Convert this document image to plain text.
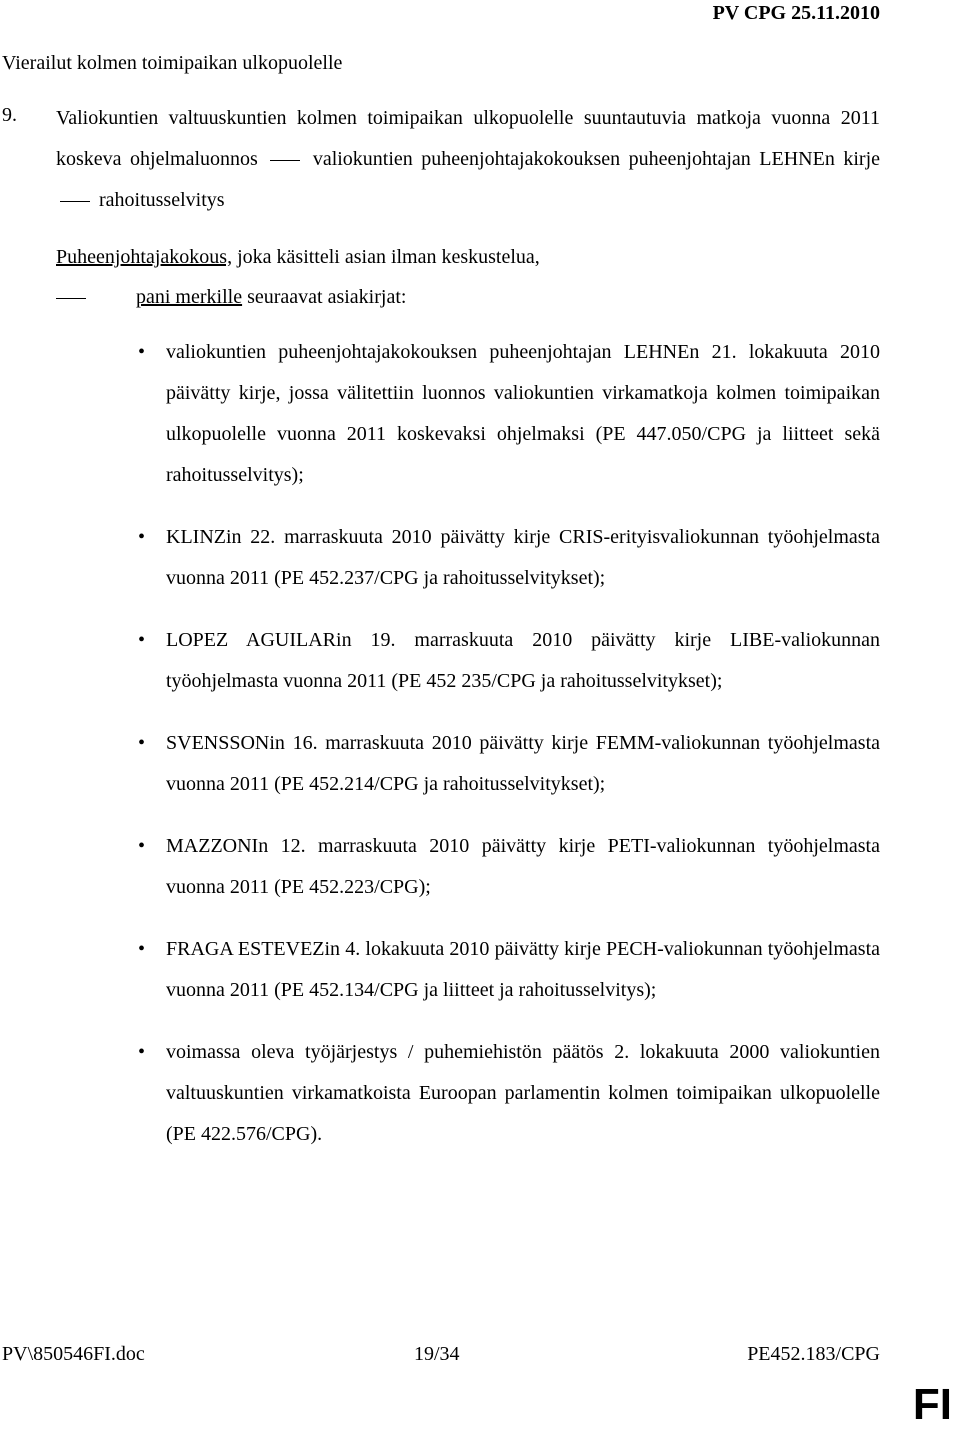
PV CPG 25.11.2010
Vierailut kolmen toimipaikan ulkopuolelle
9. Valiokuntien valtuuskuntien kolmen toimipaikan ulkopuolelle suuntautuvia matkoja vuonna 2011 koskeva ohjelmaluonnos	valiokuntien puheenjohtajakokouksen puheenjohtajan LEHNEn kirje  rahoitusselvitys

Puheenjohtajakokous, joka käsitteli asian ilman keskustelua,
pani merkille seuraavat asiakirjat:
• valiokuntien puheenjohtajakokouksen puheenjohtajan LEHNEn 21. lokakuuta 2010 päivätty kirje, jossa välitettiin luonnos valiokuntien virkamatkoja kolmen toimipaikan ulkopuolelle vuonna 2011 koskevaksi ohjelmaksi (PE 447.050/CPG ja liitteet sekä rahoitusselvitys);
• KLINZin 22. marraskuuta 2010 päivätty kirje CRIS-erityisvaliokunnan työohjelmasta vuonna 2011 (PE 452.237/CPG ja rahoitusselvitykset);
• LOPEZ AGUILARin 19. marraskuuta 2010 päivätty kirje LIBE-valiokunnan työohjelmasta vuonna 2011 (PE 452 235/CPG ja rahoitusselvitykset);
• SVENSSONin 16. marraskuuta 2010 päivätty kirje FEMM-valiokunnan työohjelmasta vuonna 2011 (PE 452.214/CPG ja rahoitusselvitykset);
• MAZZONIn 12. marraskuuta 2010 päivätty kirje PETI-valiokunnan työohjelmasta vuonna 2011 (PE 452.223/CPG);
• FRAGA ESTEVEZin 4. lokakuuta 2010 päivätty kirje PECH-valiokunnan työohjelmasta vuonna 2011 (PE 452.134/CPG ja liitteet ja rahoitusselvitys);
• voimassa oleva työjärjestys / puhemiehistön päätös 2. lokakuuta 2000 valiokuntien valtuuskuntien virkamatkoista Euroopan parlamentin kolmen toimipaikan ulkopuolelle (PE 422.576/CPG).
PV\850546FI.doc	19/34	PE452.183/CPG
FI
